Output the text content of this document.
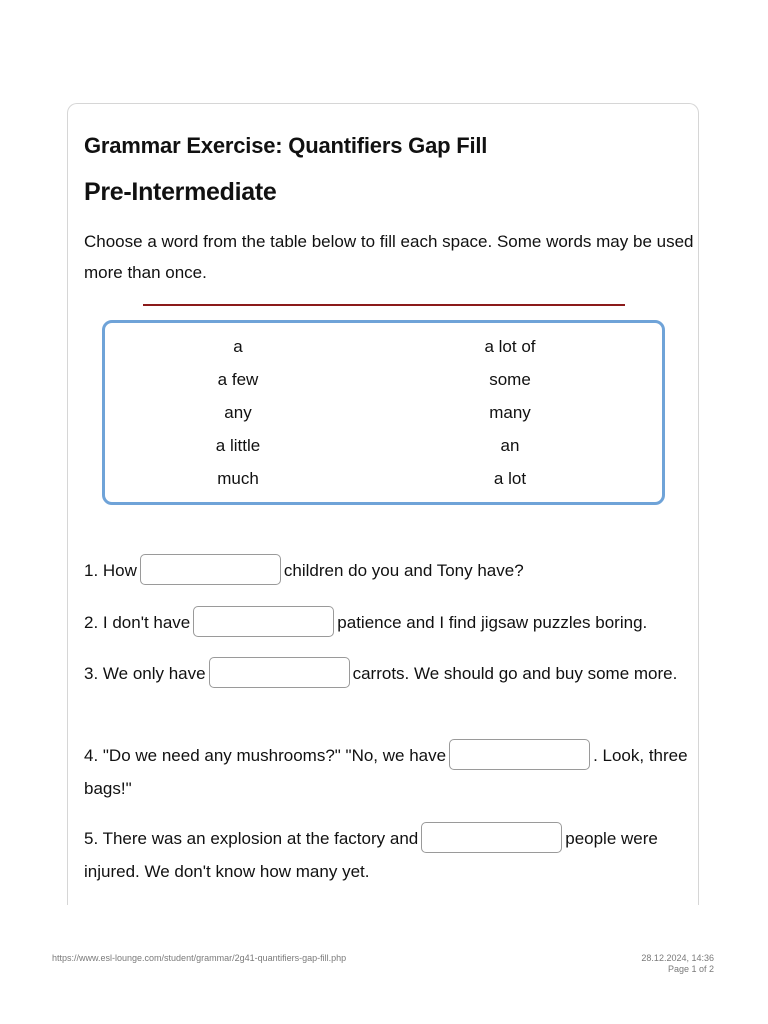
Grammar Exercise: Quantifiers Gap Fill
Pre-Intermediate

Choose a word from the table below to fill each space. Some words may be used more than once.

a	a lot of
a few	some
any	many
a little	an
much	a lot

1. How	children do you and Tony have?

2. I don't have	patience and I find jigsaw puzzles boring.

3. We only have	carrots. We should go and buy some more.

4. "Do we need any mushrooms?" "No, we have	. Look, three bags!"

5. There was an explosion at the factory and	people were injured. We don't know how many yet.

https://www.esl-lounge.com/student/grammar/2g41-quantifiers-gap-fill.php	28.12.2024, 14:36
Page 1 of 2
